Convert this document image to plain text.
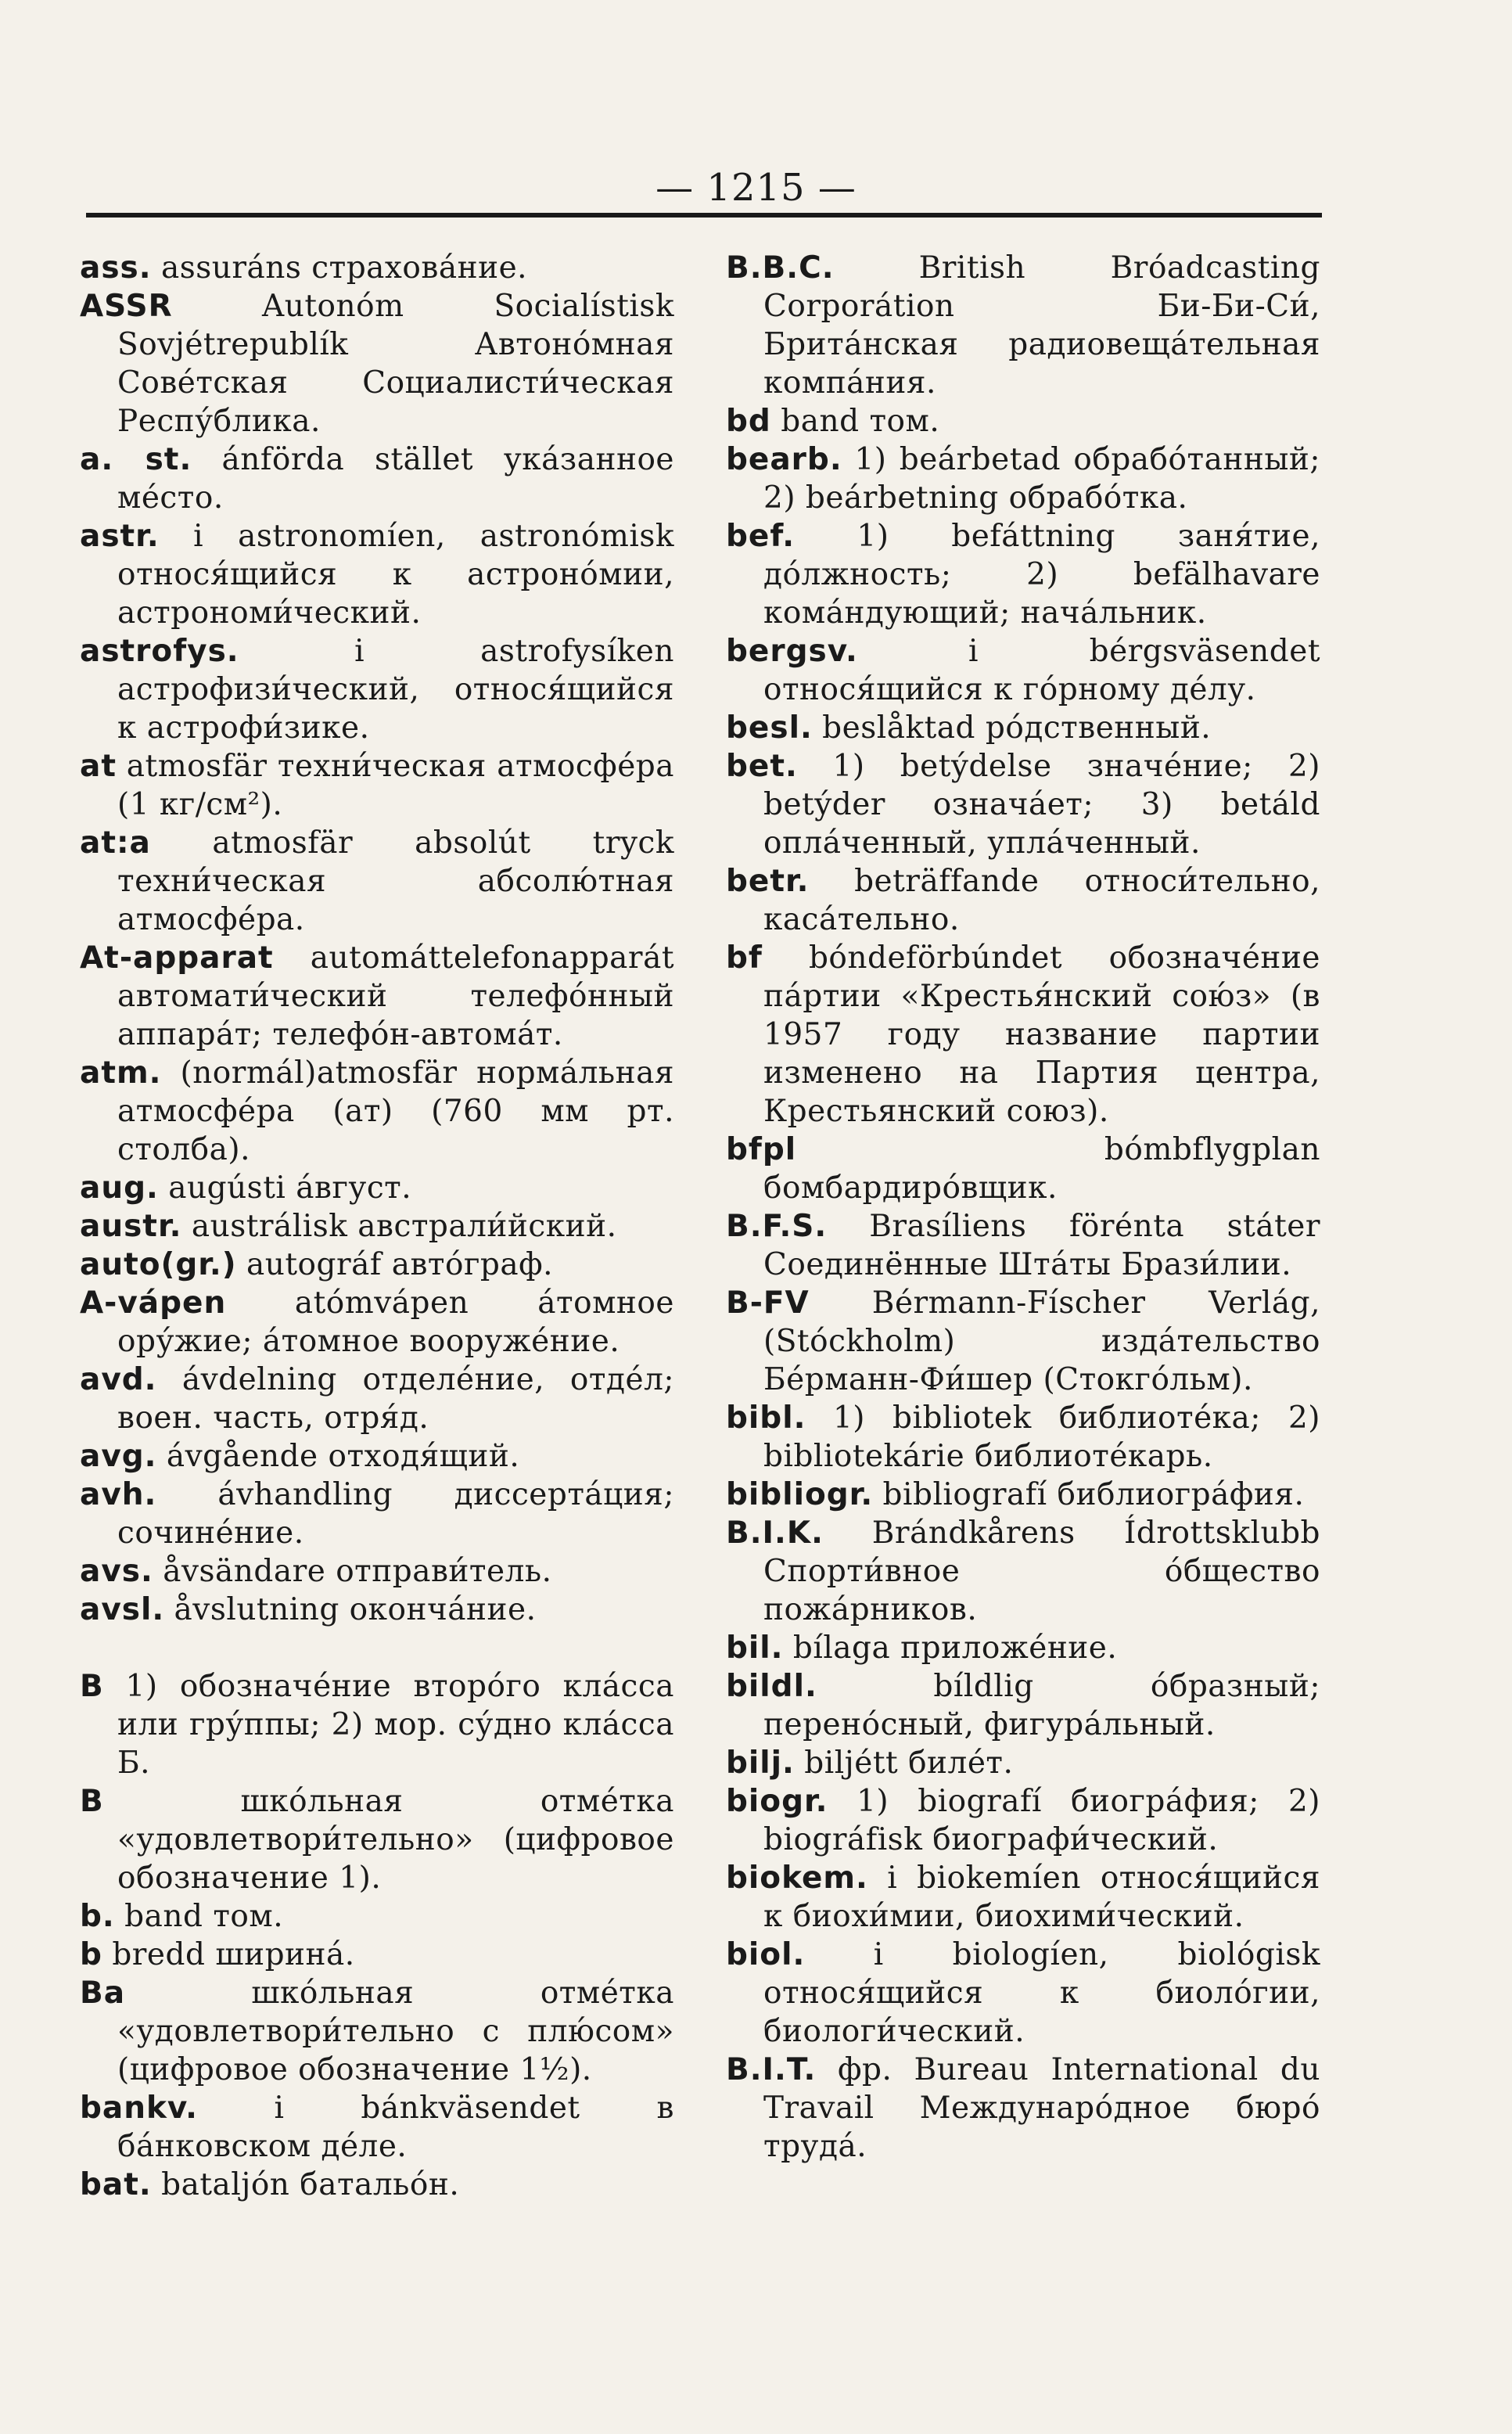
— 1215 —

ass. assuráns страхова́ние.

ASSR	Autonóm Socialístisk Sovjétrepublík Автоно́мная Сове́тская Социалисти́ческая Респу́блика.

a. st. ánförda stället ука́занное ме́сто.

astr. i astronomíen, astronómisk относя́щийся к астроно́мии, астрономи́ческий.

astrofys.	i astrofysíken астрофизи́ческий, относя́щийся к астрофи́зике.

at atmosfär техни́ческая атмосфе́ра (1 кг/см²).

at:a atmosfär absolút tryck техни́ческая абсолю́тная атмосфе́ра.

At-apparat automáttelefonapparát автомати́ческий телефо́нный аппара́т; телефо́н-автома́т.

atm. (normál)atmosfär норма́льная атмосфе́ра (ат) (760 мм рт. столба).

aug. augústi а́вгуст.

austr. austrálisk австрали́йский.

auto(gr.) autográf авто́граф.

A-vápen atómvápen а́томное ору́жие; а́томное вооруже́ние.

avd. ávdelning отделе́ние, отде́л; воен. часть, отря́д.

avg. ávgående отходя́щий.

avh. ávhandling диссерта́ция; сочине́ние.

avs. åvsändare отправи́тель.

avsl. åvslutning оконча́ние.

B 1) обозначе́ние второ́го кла́сса или гру́ппы; 2) мор. су́дно кла́сса Б.

B	шко́льная отме́тка «удовлетвори́тельно» (цифровое обозначение 1).

b. band том.

b bredd ширина́.

Ba	шко́льная отме́тка «удовлетвори́тельно с плю́сом» (цифровое обозначение 1½).

bankv. i bánkväsendet в ба́нковском де́ле.

bat. bataljón батальо́н.

B.B.C.	British Bróadcasting Corporátion Би-Би-Си́, Брита́нская радиовеща́тельная компа́ния.

bd band том.

bearb. 1) beárbetad обрабо́танный; 2) beárbetning обрабо́тка.

bef. 1) befáttning заня́тие, до́лжность; 2) befälhavare кома́ндующий; нача́льник.

bergsv.	i bérgsväsendet относя́щийся к го́рному де́лу.

besl. beslåktad ро́дственный.

bet. 1) betýdelse значе́ние; 2) betýder означа́ет; 3) betáld опла́ченный, упла́ченный.

betr. beträffande относи́тельно, каса́тельно.

bf bóndeförbúndet обозначе́ние па́ртии «Крестья́нский сою́з» (в 1957 году название партии изменено на Партия центра, Крестьянский союз).

bfpl	bómbflygplan бомбардиро́вщик.

B.F.S. Brasíliens förénta státer Соединённые Шта́ты Брази́лии.

B-FV Bérmann-Físcher Verlág, (Stóckholm) изда́тельство Бе́рманн-Фи́шер (Стокго́льм).

bibl. 1) bibliotek библиоте́ка; 2) bibliotekárie библиоте́карь.

bibliogr. bibliografí библиогра́фия.

B.I.K. Brándkårens Ídrottsklubb Спорти́вное о́бщество пожа́рников.

bil. bílaga приложе́ние.

bildl.	bíldlig о́бразный; перено́сный, фигура́льный.

bilj. biljétt биле́т.

biogr. 1) biografí биогра́фия; 2) biográfisk биографи́ческий.

biokem. i biokemíen относя́щийся к биохи́мии, биохими́ческий.

biol. i biologíen, biológisk относя́щийся к биоло́гии, биологи́ческий.

B.I.T. фр. Bureau International du Travail Междунаро́дное бюро́ труда́.
